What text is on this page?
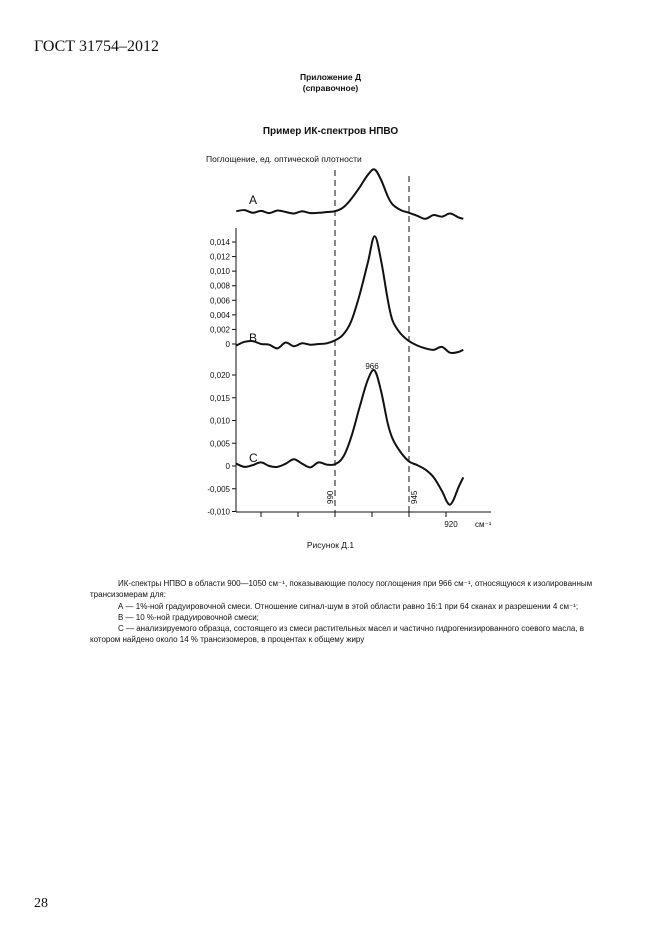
ГОСТ 31754–2012
Приложение Д
(справочное)
Пример ИК-спектров НПВО
Поглощение, ед. оптической плотности
990	945
966
920 см⁻¹
A
B
C
0,014
0,012
0,010
0,008
0,006
0,004
0,002
0
0,020
0,015
0,010
0,005
0
-0,005
-0,010
Рисунок Д.1

ИК-спектры НПВО в области 900—1050 см⁻¹, показывающие полосу поглощения при 966 см⁻¹, относящуюся к изолированным трансизомерам для:

А — 1%-ной градуировочной смеси. Отношение сигнал-шум в этой области равно 16:1 при 64 сканах и разрешении 4 см⁻¹;

В — 10 %-ной градуировочной смеси;

С — анализируемого образца, состоящего из смеси растительных масел и частично гидрогенизированного соевого масла, в котором найдено около 14 % трансизомеров, в процентах к общему жиру

28
